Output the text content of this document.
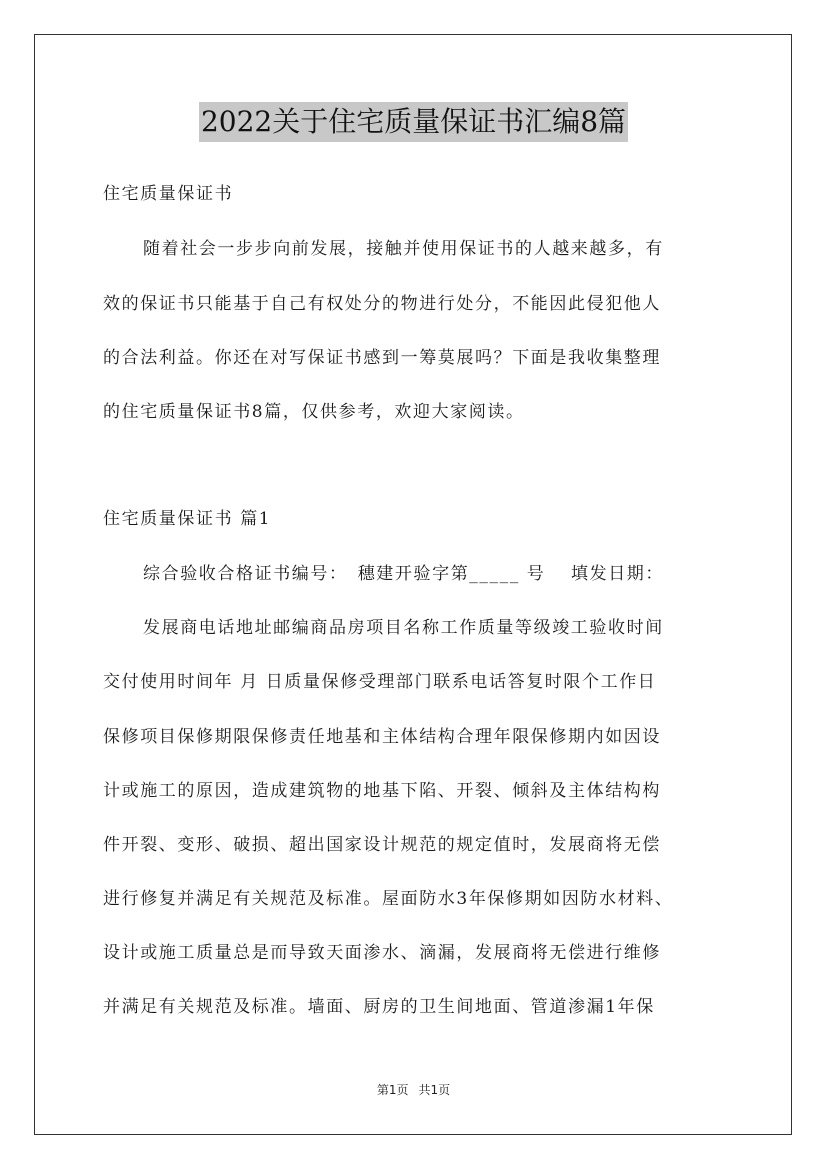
2022关于住宅质量保证书汇编8篇
住宅质量保证书
随着社会一步步向前发展，接触并使用保证书的人越来越多，有
效的保证书只能基于自己有权处分的物进行处分，不能因此侵犯他人
的合法利益。你还在对写保证书感到一筹莫展吗？下面是我收集整理
的住宅质量保证书8篇，仅供参考，欢迎大家阅读。
住宅质量保证书 篇1
综合验收合格证书编号：　穗建开验字第_____ 号　 填发日期：
发展商电话地址邮编商品房项目名称工作质量等级竣工验收时间
交付使用时间年 月 日质量保修受理部门联系电话答复时限个工作日
保修项目保修期限保修责任地基和主体结构合理年限保修期内如因设
计或施工的原因，造成建筑物的地基下陷、开裂、倾斜及主体结构构
件开裂、变形、破损、超出国家设计规范的规定值时，发展商将无偿
进行修复并满足有关规范及标准。屋面防水3年保修期如因防水材料、
设计或施工质量总是而导致天面渗水、滴漏，发展商将无偿进行维修
并满足有关规范及标准。墙面、厨房的卫生间地面、管道渗漏1年保
第1页 共1页
